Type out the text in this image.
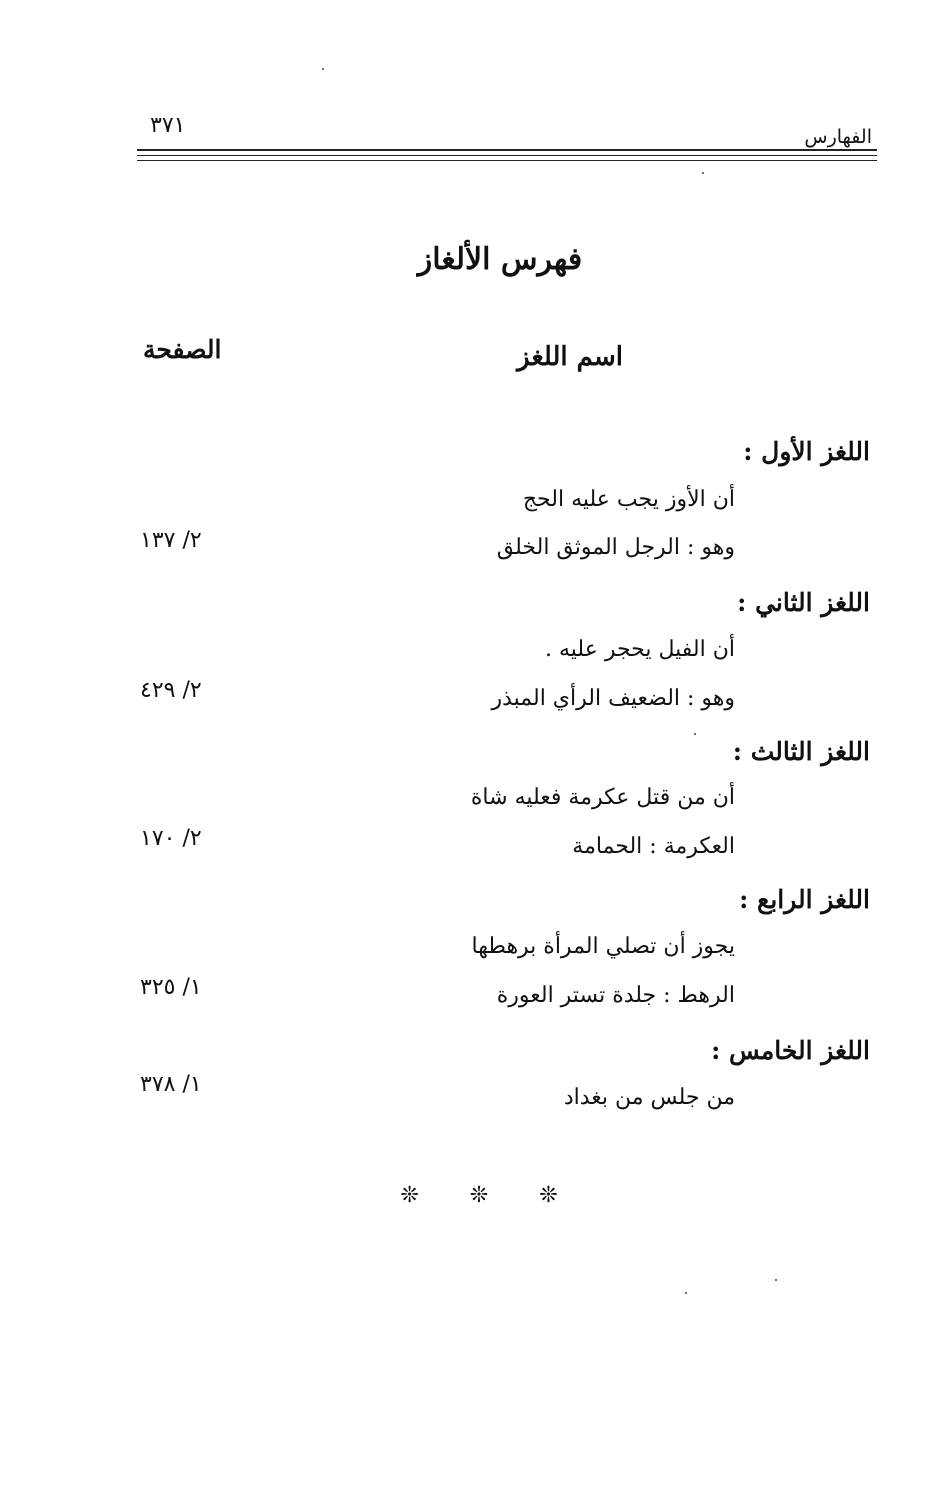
الفهارس
٣٧١
فهرس الألغاز
الصفحة	اسم اللغز
اللغز الأول :
أن الأوز يجب عليه الحج
وهو : الرجل الموثق الخلق
٢/ ١٣٧
اللغز الثاني :
أن الفيل يحجر عليه .
وهو : الضعيف الرأي المبذر
٢/ ٤٢٩
اللغز الثالث :
أن من قتل عكرمة فعليه شاة
العكرمة : الحمامة
٢/ ١٧٠
اللغز الرابع :
يجوز أن تصلي المرأة برهطها
الرهط : جلدة تستر العورة
١/ ٣٢٥
اللغز الخامس :
من جلس من بغداد
١/ ٣٧٨
❊ ❊ ❊
